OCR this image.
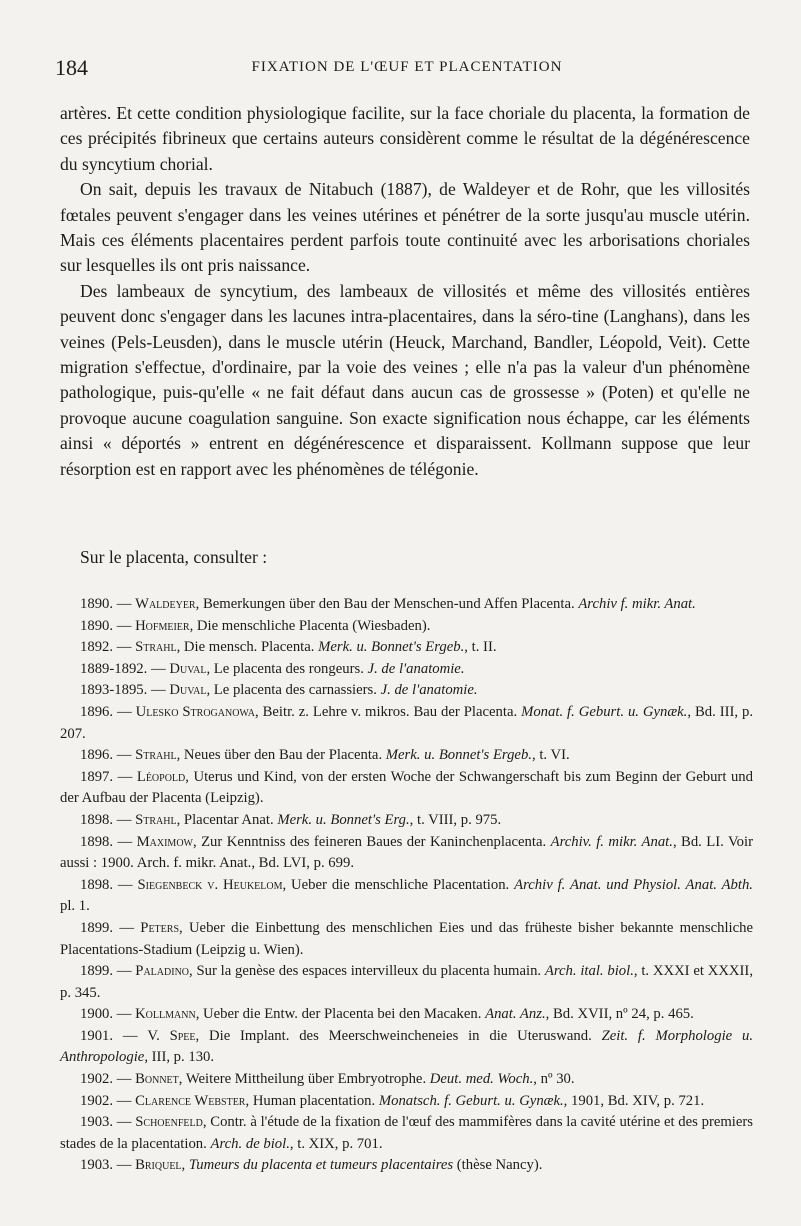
184	FIXATION DE L'ŒUF ET PLACENTATION

artères. Et cette condition physiologique facilite, sur la face choriale du placenta, la formation de ces précipités fibrineux que certains auteurs considèrent comme le résultat de la dégénérescence du syncytium chorial.

On sait, depuis les travaux de Nitabuch (1887), de Waldeyer et de Rohr, que les villosités fœtales peuvent s'engager dans les veines utérines et pénétrer de la sorte jusqu'au muscle utérin. Mais ces éléments placentaires perdent parfois toute continuité avec les arborisations choriales sur lesquelles ils ont pris naissance.

Des lambeaux de syncytium, des lambeaux de villosités et même des villosités entières peuvent donc s'engager dans les lacunes intra-placentaires, dans la séro-tine (Langhans), dans les veines (Pels-Leusden), dans le muscle utérin (Heuck, Marchand, Bandler, Léopold, Veit). Cette migration s'effectue, d'ordinaire, par la voie des veines ; elle n'a pas la valeur d'un phénomène pathologique, puis-qu'elle « ne fait défaut dans aucun cas de grossesse » (Poten) et qu'elle ne provoque aucune coagulation sanguine. Son exacte signification nous échappe, car les éléments ainsi « déportés » entrent en dégénérescence et disparaissent. Kollmann suppose que leur résorption est en rapport avec les phénomènes de télégonie.

Sur le placenta, consulter :

1890. — Waldeyer, Bemerkungen über den Bau der Menschen-und Affen Placenta. Archiv f. mikr. Anat.

1890. — Hofmeier, Die menschliche Placenta (Wiesbaden).

1892. — Strahl, Die mensch. Placenta. Merk. u. Bonnet's Ergeb., t. II.

1889-1892. — Duval, Le placenta des rongeurs. J. de l'anatomie.

1893-1895. — Duval, Le placenta des carnassiers. J. de l'anatomie.

1896. — Ulesko Stroganowa, Beitr. z. Lehre v. mikros. Bau der Placenta. Monat. f. Geburt. u. Gynæk., Bd. III, p. 207.

1896. — Strahl, Neues über den Bau der Placenta. Merk. u. Bonnet's Ergeb., t. VI.

1897. — Léopold, Uterus und Kind, von der ersten Woche der Schwangerschaft bis zum Beginn der Geburt und der Aufbau der Placenta (Leipzig).

1898. — Strahl, Placentar Anat. Merk. u. Bonnet's Erg., t. VIII, p. 975.

1898. — Maximow, Zur Kenntniss des feineren Baues der Kaninchenplacenta. Archiv. f. mikr. Anat., Bd. LI. Voir aussi : 1900. Arch. f. mikr. Anat., Bd. LVI, p. 699.

1898. — Siegenbeck v. Heukelom, Ueber die menschliche Placentation. Archiv f. Anat. und Physiol. Anat. Abth. pl. 1.

1899. — Peters, Ueber die Einbettung des menschlichen Eies und das früheste bisher bekannte menschliche Placentations-Stadium (Leipzig u. Wien).

1899. — Paladino, Sur la genèse des espaces intervilleux du placenta humain. Arch. ital. biol., t. XXXI et XXXII, p. 345.

1900. — Kollmann, Ueber die Entw. der Placenta bei den Macaken. Anat. Anz., Bd. XVII, nº 24, p. 465.

1901. — V. Spee, Die Implant. des Meerschweincheneies in die Uteruswand. Zeit. f. Morphologie u. Anthropologie, III, p. 130.

1902. — Bonnet, Weitere Mittheilung über Embryotrophe. Deut. med. Woch., nº 30.

1902. — Clarence Webster, Human placentation. Monatsch. f. Geburt. u. Gynæk., 1901, Bd. XIV, p. 721.

1903. — Schoenfeld, Contr. à l'étude de la fixation de l'œuf des mammifères dans la cavité utérine et des premiers stades de la placentation. Arch. de biol., t. XIX, p. 701.

1903. — Briquel, Tumeurs du placenta et tumeurs placentaires (thèse Nancy).
